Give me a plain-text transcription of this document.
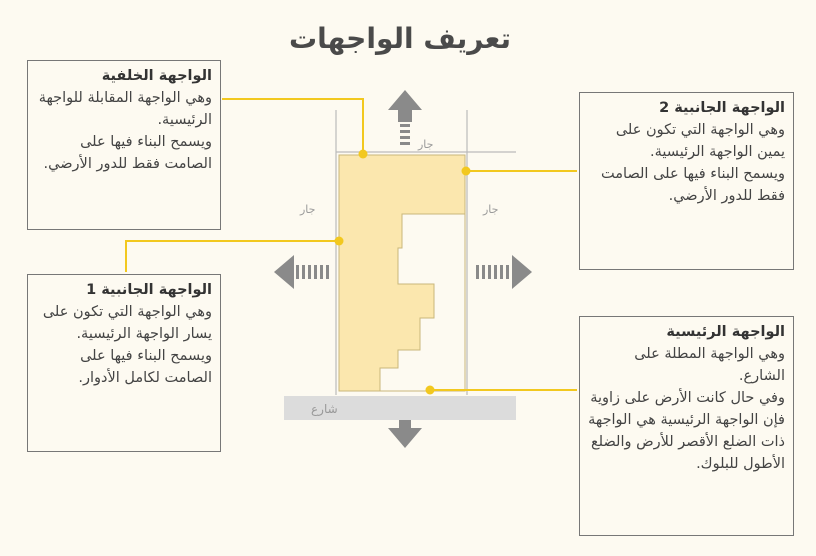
تعريف الواجهات
جار
جار	جار
شارع
الواجهة الخلفية

وهي الواجهة المقابلة للواجهة الرئيسية.

ويسمح البناء فيها على الصامت فقط للدور الأرضي.

الواجهة الجانبية 2

وهي الواجهة التي تكون على يمين الواجهة الرئيسية.

ويسمح البناء فيها على الصامت فقط للدور الأرضي.

الواجهة الجانبية 1

وهي الواجهة التي تكون على يسار الواجهة الرئيسية.

ويسمح البناء فيها على الصامت لكامل الأدوار.

الواجهة الرئيسية

وهي الواجهة المطلة على الشارع.

وفي حال كانت الأرض على زاوية فإن الواجهة الرئيسية هي الواجهة ذات الضلع الأقصر للأرض والضلع الأطول للبلوك.
